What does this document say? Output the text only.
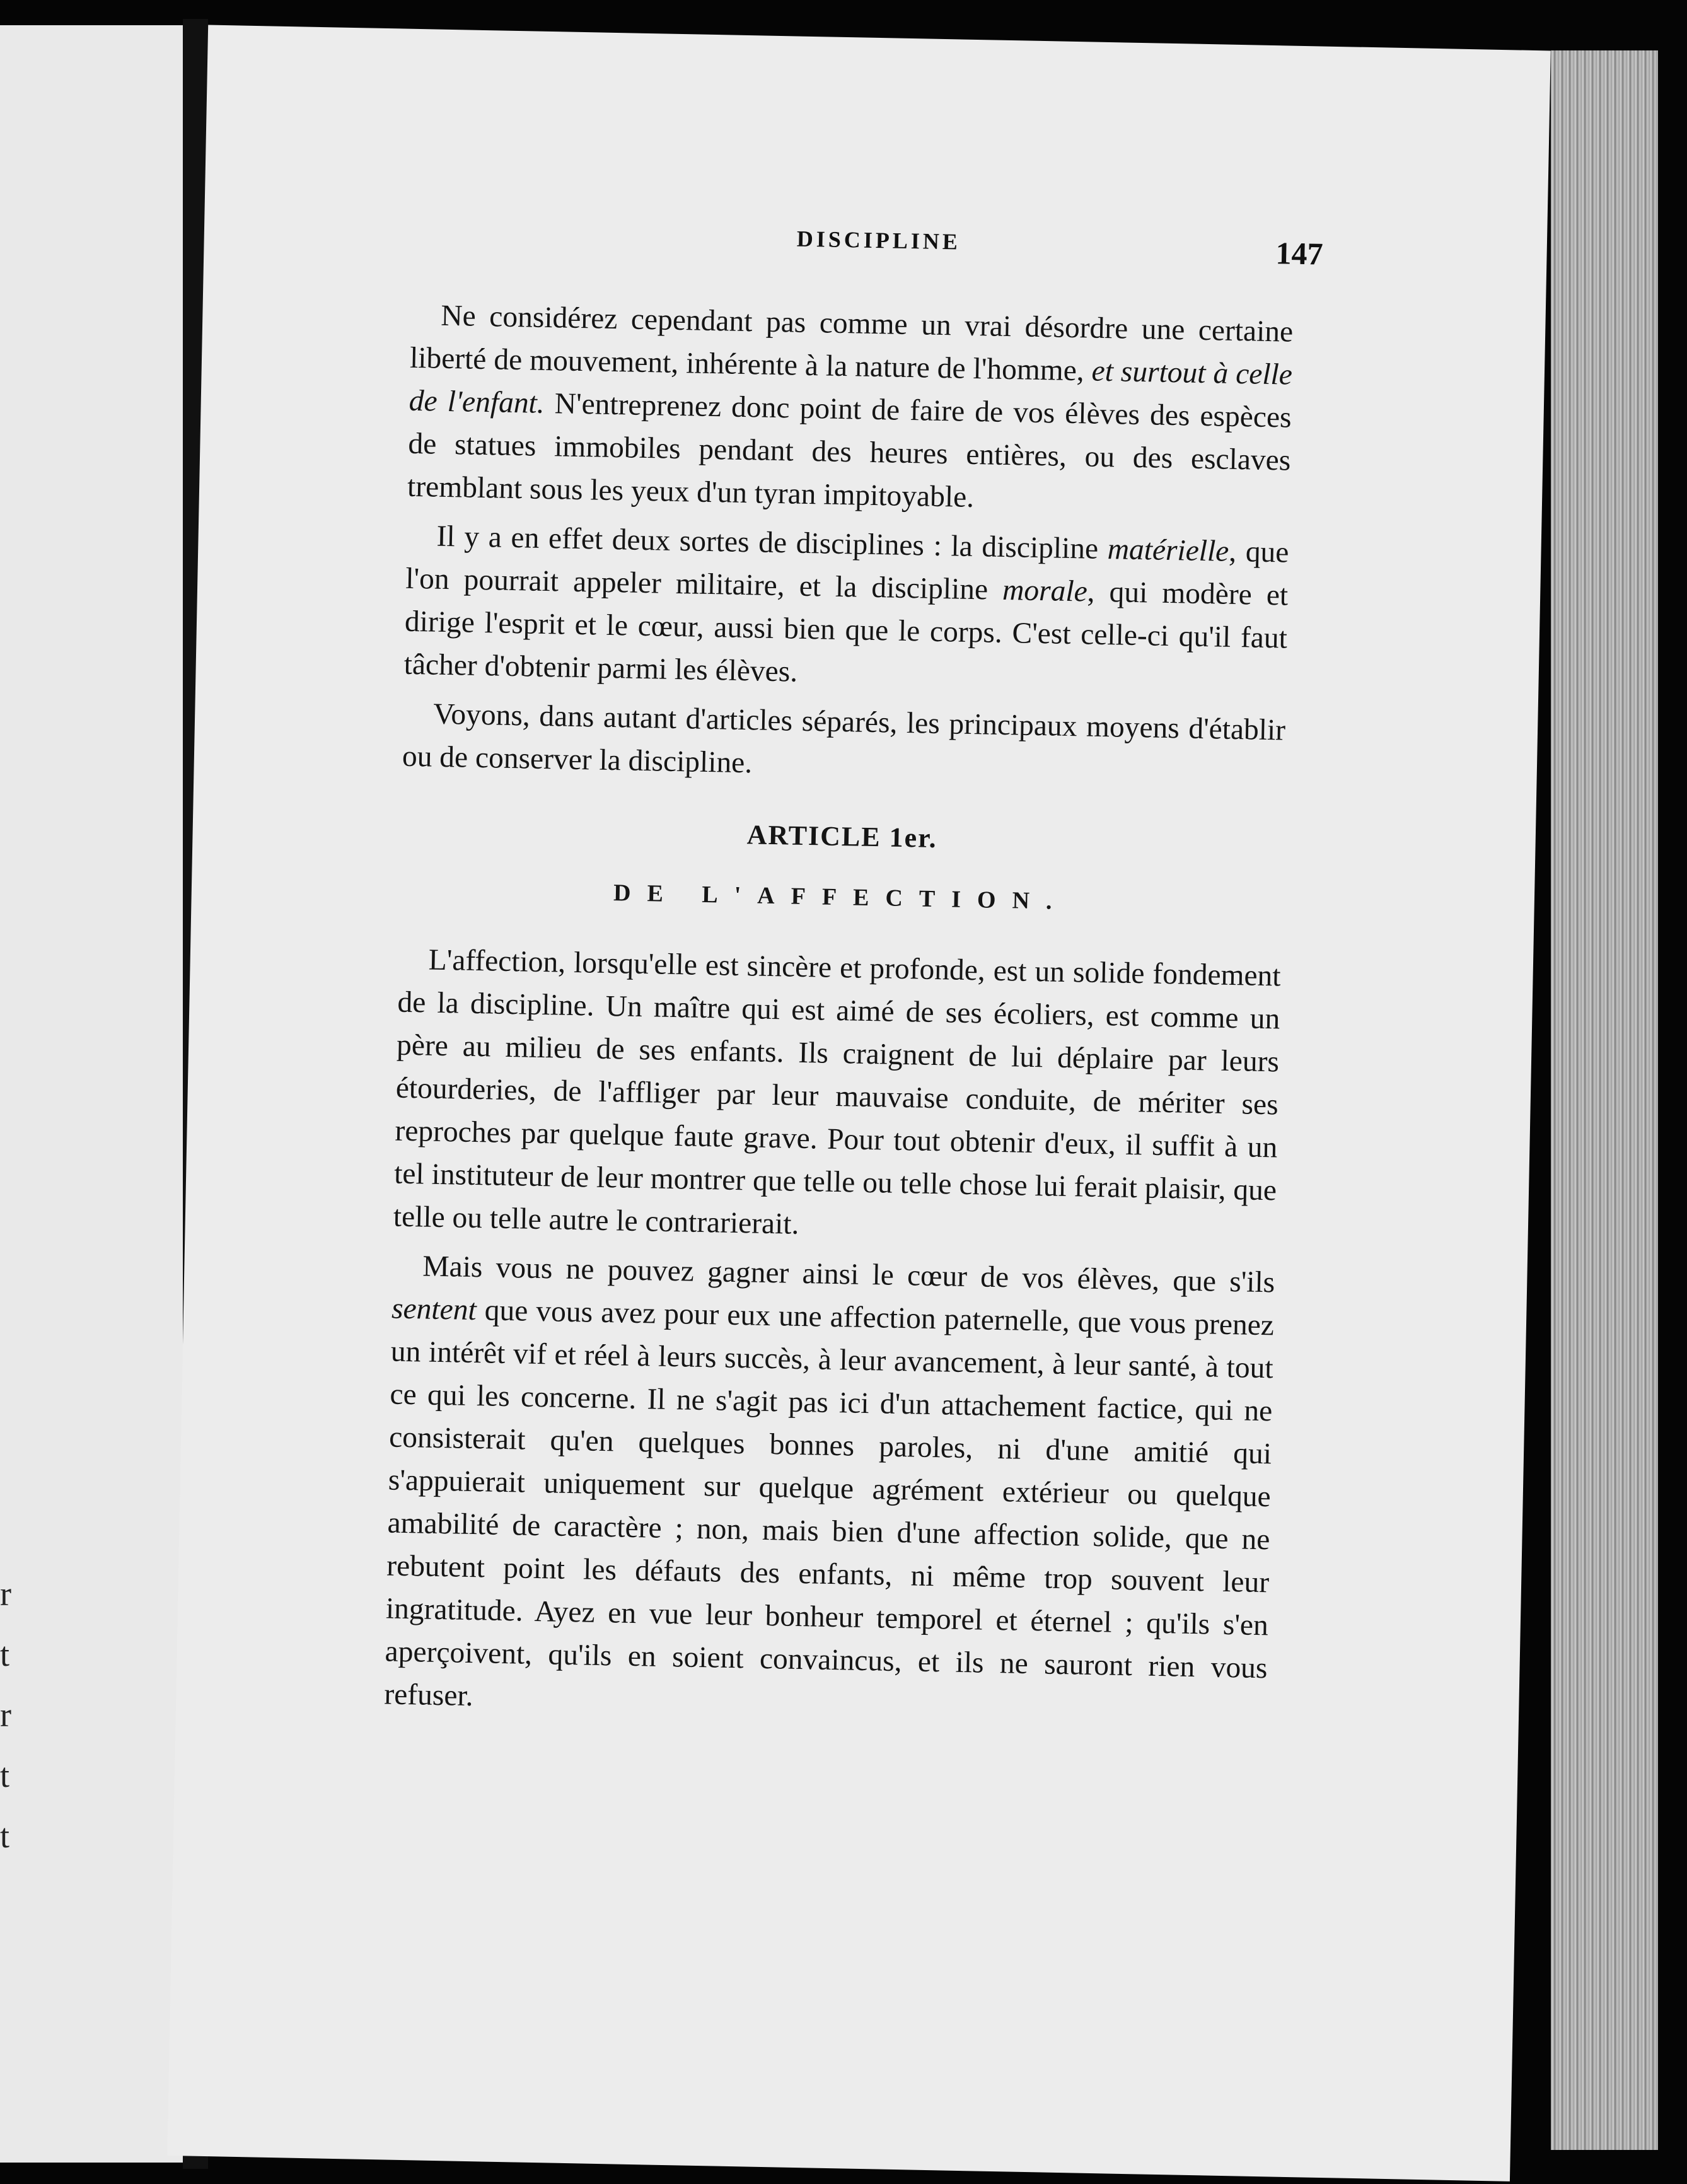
r
t
r
t
t
DISCIPLINE	147

Ne considérez cependant pas comme un vrai désordre une certaine liberté de mouvement, inhérente à la nature de l'homme, et surtout à celle de l'enfant. N'entreprenez donc point de faire de vos élèves des espèces de statues immobiles pendant des heures entières, ou des esclaves tremblant sous les yeux d'un tyran impitoyable.

Il y a en effet deux sortes de disciplines : la discipline matérielle, que l'on pourrait appeler militaire, et la discipline morale, qui modère et dirige l'esprit et le cœur, aussi bien que le corps. C'est celle-ci qu'il faut tâcher d'obtenir parmi les élèves.

Voyons, dans autant d'articles séparés, les principaux moyens d'établir ou de conserver la discipline.

ARTICLE 1er.
DE L'AFFECTION.

L'affection, lorsqu'elle est sincère et profonde, est un solide fondement de la discipline. Un maître qui est aimé de ses écoliers, est comme un père au milieu de ses enfants. Ils craignent de lui déplaire par leurs étourderies, de l'affliger par leur mauvaise conduite, de mériter ses reproches par quelque faute grave. Pour tout obtenir d'eux, il suffit à un tel instituteur de leur montrer que telle ou telle chose lui ferait plaisir, que telle ou telle autre le contrarierait.

Mais vous ne pouvez gagner ainsi le cœur de vos élèves, que s'ils sentent que vous avez pour eux une affection paternelle, que vous prenez un intérêt vif et réel à leurs succès, à leur avancement, à leur santé, à tout ce qui les concerne. Il ne s'agit pas ici d'un attachement factice, qui ne consisterait qu'en quelques bonnes paroles, ni d'une amitié qui s'appuierait uniquement sur quelque agrément extérieur ou quelque amabilité de caractère ; non, mais bien d'une affection solide, que ne rebutent point les défauts des enfants, ni même trop souvent leur ingratitude. Ayez en vue leur bonheur temporel et éternel ; qu'ils s'en aperçoivent, qu'ils en soient convaincus, et ils ne sauront rien vous refuser.
